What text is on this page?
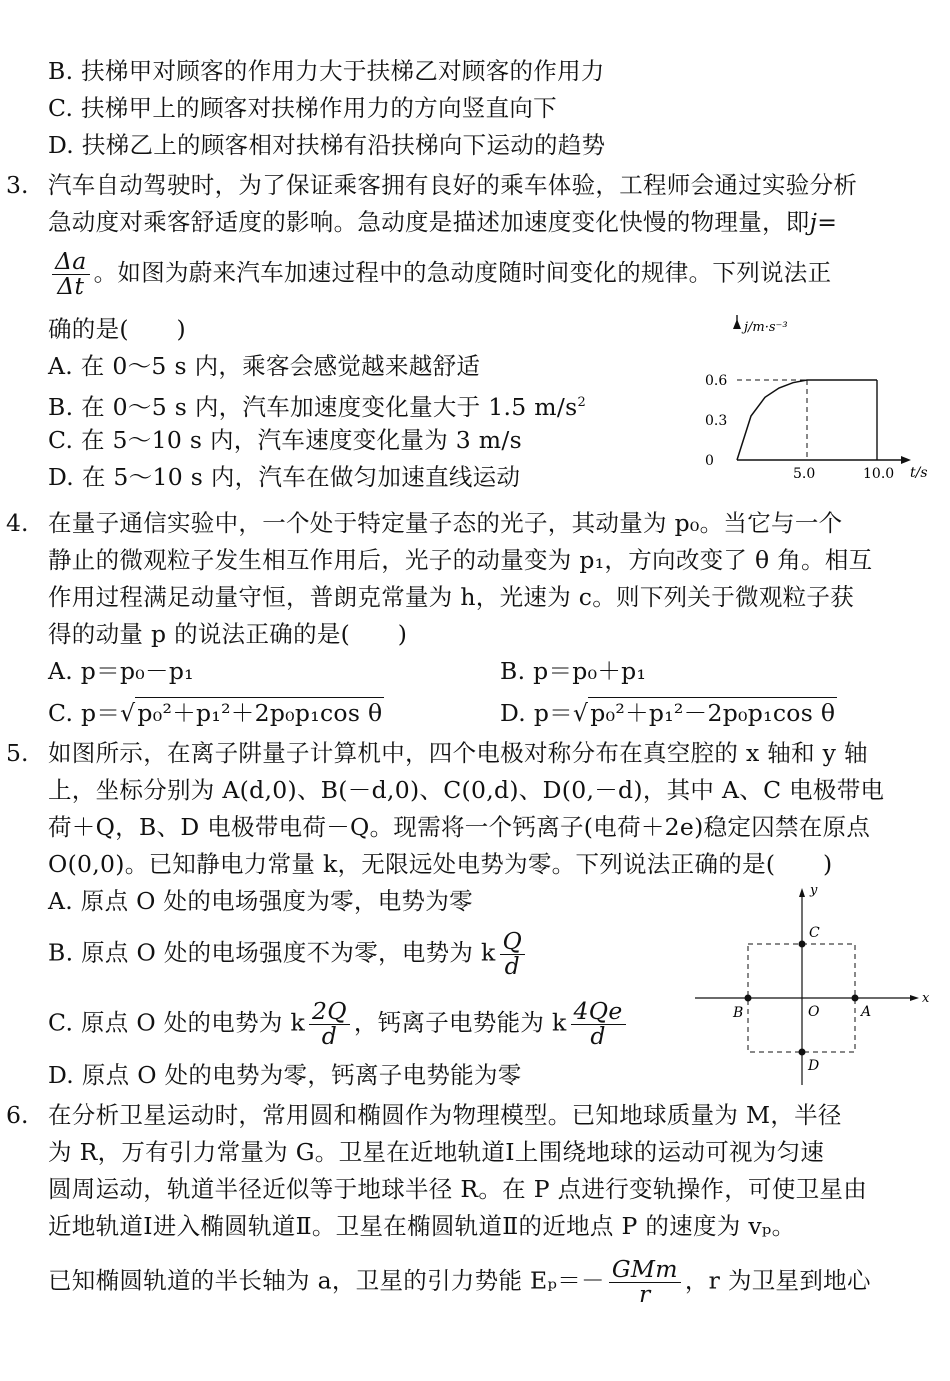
B. 扶梯甲对顾客的作用力大于扶梯乙对顾客的作用力
C. 扶梯甲上的顾客对扶梯作用力的方向竖直向下
D. 扶梯乙上的顾客相对扶梯有沿扶梯向下运动的趋势
3. 汽车自动驾驶时，为了保证乘客拥有良好的乘车体验，工程师会通过实验分析
急动度对乘客舒适度的影响。急动度是描述加速度变化快慢的物理量，即j=
$\frac{\Delta a}{\Delta t}$ 。如图为蔚来汽车加速过程中的急动度随时间变化的规律。下列说法正
确的是(　　)
A. 在 0～5 s 内，乘客会感觉越来越舒适
B. 在 0～5 s 内，汽车加速度变化量大于 1.5 $m/s^2$
C. 在 5～10 s 内，汽车速度变化量为 3 m/s
D. 在 5～10 s 内，汽车在做匀加速直线运动
j/m·s⁻³
t/s
0.6
0.3
0
5.0	10.0
4. 在量子通信实验中，一个处于特定量子态的光子，其动量为 p₀。当它与一个
静止的微观粒子发生相互作用后，光子的动量变为 p₁，方向改变了 θ 角。相互
作用过程满足动量守恒，普朗克常量为 h，光速为 c。则下列关于微观粒子获
得的动量 p 的说法正确的是(　　)
A. p＝p₀－p₁	B. p＝p₀＋p₁
C. p＝√p₀²＋p₁²＋2p₀p₁cos θ	D. p＝√p₀²＋p₁²－2p₀p₁cos θ
5. 如图所示，在离子阱量子计算机中，四个电极对称分布在真空腔的 x 轴和 y 轴
上，坐标分别为 A(d,0)、B(－d,0)、C(0,d)、D(0,－d)，其中 A、C 电极带电
荷＋Q，B、D 电极带电荷－Q。现需将一个钙离子(电荷＋2e)稳定囚禁在原点
O(0,0)。已知静电力常量 k，无限远处电势为零。下列说法正确的是(　　)
A. 原点 O 处的电场强度为零，电势为零
B. 原点 O 处的电场强度不为零，电势为 k $\frac{Q}{d}$
C. 原点 O 处的电势为 k $\frac{2Q}{d}$ ，钙离子电势能为 k $\frac{4Qe}{d}$
D. 原点 O 处的电势为零，钙离子电势能为零
x
y
A
B
C
D
O
6. 在分析卫星运动时，常用圆和椭圆作为物理模型。已知地球质量为 M，半径
为 R，万有引力常量为 G。卫星在近地轨道Ⅰ上围绕地球的运动可视为匀速
圆周运动，轨道半径近似等于地球半径 R。在 P 点进行变轨操作，可使卫星由
近地轨道Ⅰ进入椭圆轨道Ⅱ。卫星在椭圆轨道Ⅱ的近地点 P 的速度为 vₚ。
已知椭圆轨道的半长轴为 a，卫星的引力势能 $E_p=- \frac{\text{GMm}}{r}$ ，r 为卫星到地心
